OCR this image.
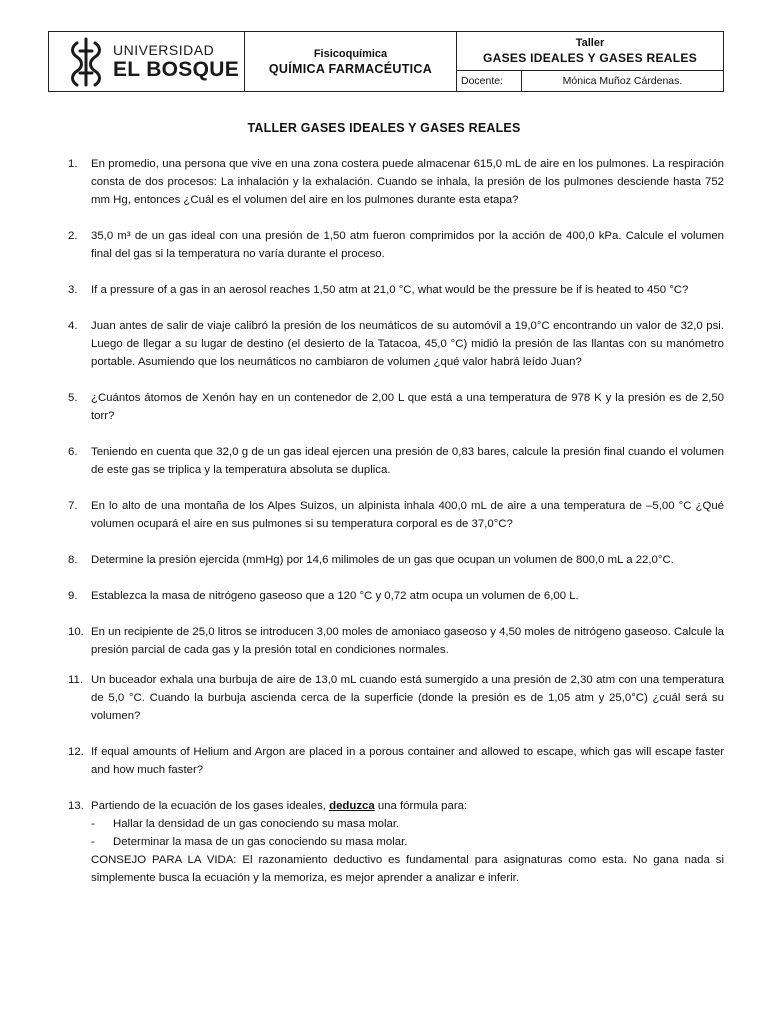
UNIVERSIDAD
EL BOSQUE
Fisicoquímica
QUÍMICA FARMACÉUTICA
Taller
GASES IDEALES Y GASES REALES
Docente:	Mónica Muñoz Cárdenas.
TALLER GASES IDEALES Y GASES REALES
1. En promedio, una persona que vive en una zona costera puede almacenar 615,0 mL de aire en los pulmones. La respiración consta de dos procesos: La inhalación y la exhalación. Cuando se inhala, la presión de los pulmones desciende hasta 752 mm Hg, entonces ¿Cuál es el volumen del aire en los pulmones durante esta etapa?
2. 35,0 m³ de un gas ideal con una presión de 1,50 atm fueron comprimidos por la acción de 400,0 kPa. Calcule el volumen final del gas si la temperatura no varía durante el proceso.
3. If a pressure of a gas in an aerosol reaches 1,50 atm at 21,0 °C, what would be the pressure be if is heated to 450 °C?
4. Juan antes de salir de viaje calibró la presión de los neumáticos de su automóvil a 19,0°C encontrando un valor de 32,0 psi. Luego de llegar a su lugar de destino (el desierto de la Tatacoa, 45,0 °C) midió la presión de las llantas con su manómetro portable. Asumiendo que los neumáticos no cambiaron de volumen ¿qué valor habrá leído Juan?
5. ¿Cuántos átomos de Xenón hay en un contenedor de 2,00 L que está a una temperatura de 978 K y la presión es de 2,50 torr?
6. Teniendo en cuenta que 32,0 g de un gas ideal ejercen una presión de 0,83 bares, calcule la presión final cuando el volumen de este gas se triplica y la temperatura absoluta se duplica.
7. En lo alto de una montaña de los Alpes Suizos, un alpinista inhala 400,0 mL de aire a una temperatura de –5,00 °C ¿Qué volumen ocupará el aire en sus pulmones si su temperatura corporal es de 37,0°C?
8. Determine la presión ejercida (mmHg) por 14,6 milimoles de un gas que ocupan un volumen de 800,0 mL a 22,0°C.
9. Establezca la masa de nitrógeno gaseoso que a 120 °C y 0,72 atm ocupa un volumen de 6,00 L.
10. En un recipiente de 25,0 litros se introducen 3,00 moles de amoniaco gaseoso y 4,50 moles de nitrógeno gaseoso. Calcule la presión parcial de cada gas y la presión total en condiciones normales.
11. Un buceador exhala una burbuja de aire de 13,0 mL cuando está sumergido a una presión de 2,30 atm con una temperatura de 5,0 °C. Cuando la burbuja ascienda cerca de la superficie (donde la presión es de 1,05 atm y 25,0°C) ¿cuál será su volumen?
12. If equal amounts of Helium and Argon are placed in a porous container and allowed to escape, which gas will escape faster and how much faster?
13. Partiendo de la ecuación de los gases ideales, deduzca una fórmula para:
- Hallar la densidad de un gas conociendo su masa molar.
- Determinar la masa de un gas conociendo su masa molar.
CONSEJO PARA LA VIDA: El razonamiento deductivo es fundamental para asignaturas como esta. No gana nada si simplemente busca la ecuación y la memoriza, es mejor aprender a analizar e inferir.
